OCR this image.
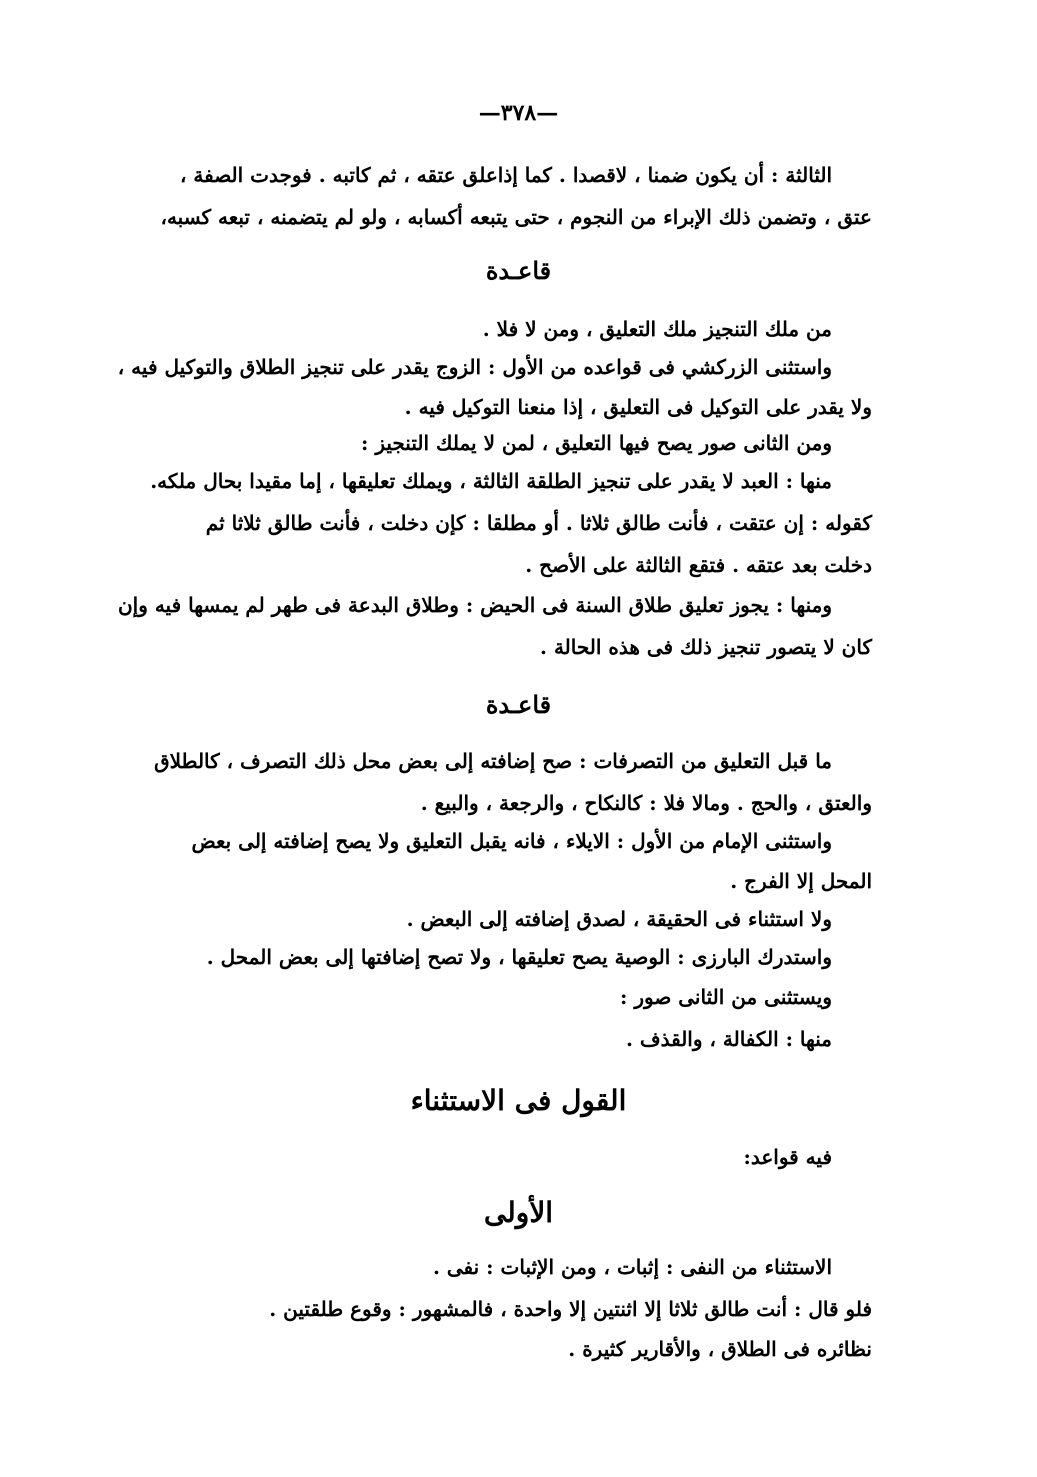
—٣٧٨—
الثالثة : أن يكون ضمنا ، لاقصدا . كما إذاعلق عتقه ، ثم كاتبه . فوجدت الصفة ،
عتق ، وتضمن ذلك الإبراء من النجوم ، حتى يتبعه أكسابه ، ولو لم يتضمنه ، تبعه كسبه،
قاعـدة
من ملك التنجيز ملك التعليق ، ومن لا فلا .
واستثنى الزركشي فى قواعده من الأول : الزوج يقدر على تنجيز الطلاق والتوكيل فيه ،
ولا يقدر على التوكيل فى التعليق ، إذا منعنا التوكيل فيه .
ومن الثانى صور يصح فيها التعليق ، لمن لا يملك التنجيز :
منها : العبد لا يقدر على تنجيز الطلقة الثالثة ، ويملك تعليقها ، إما مقيدا بحال ملكه.
كقوله : إن عتقت ، فأنت طالق ثلاثا . أو مطلقا : كإن دخلت ، فأنت طالق ثلاثا ثم
دخلت بعد عتقه . فتقع الثالثة على الأصح .
ومنها : يجوز تعليق طلاق السنة فى الحيض : وطلاق البدعة فى طهر لم يمسها فيه وإن
كان لا يتصور تنجيز ذلك فى هذه الحالة .
قاعـدة
ما قبل التعليق من التصرفات : صح إضافته إلى بعض محل ذلك التصرف ، كالطلاق
والعتق ، والحج . ومالا فلا : كالنكاح ، والرجعة ، والبيع .
واستثنى الإمام من الأول : الايلاء ، فانه يقبل التعليق ولا يصح إضافته إلى بعض
المحل إلا الفرج .
ولا استثناء فى الحقيقة ، لصدق إضافته إلى البعض .
واستدرك البارزى : الوصية يصح تعليقها ، ولا تصح إضافتها إلى بعض المحل .
ويستثنى من الثانى صور :
منها : الكفالة ، والقذف .
القول فى الاستثناء
فيه قواعد:
الأولى
الاستثناء من النفى : إثبات ، ومن الإثبات : نفى .
فلو قال : أنت طالق ثلاثا إلا اثنتين إلا واحدة ، فالمشهور : وقوع طلقتين .
نظائره فى الطلاق ، والأقارير كثيرة .
